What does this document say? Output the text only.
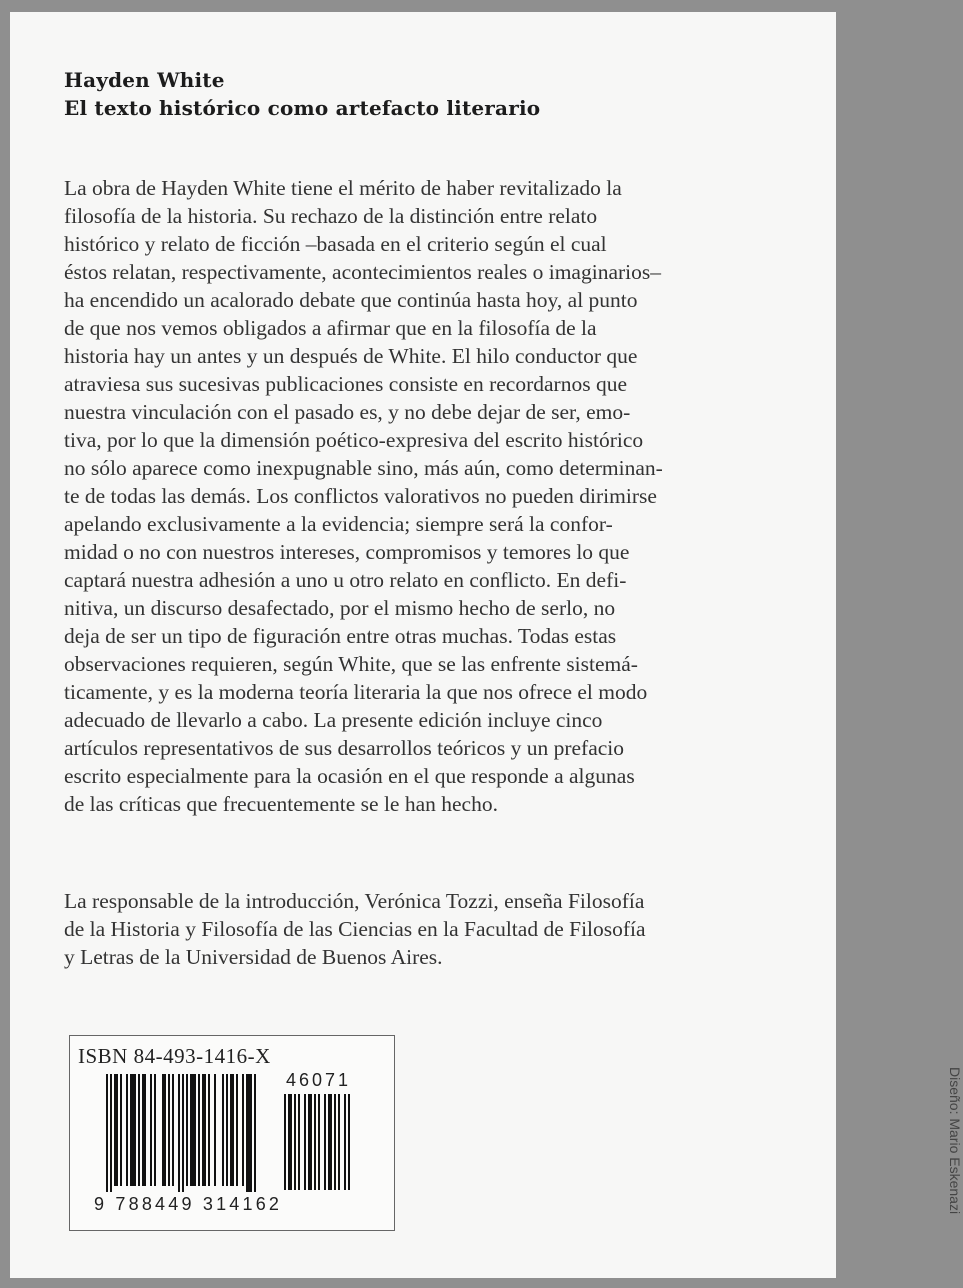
Hayden White
El texto histórico como artefacto literario

La obra de Hayden White tiene el mérito de haber revitalizado la
filosofía de la historia. Su rechazo de la distinción entre relato
histórico y relato de ficción –basada en el criterio según el cual
éstos relatan, respectivamente, acontecimientos reales o imaginarios–
ha encendido un acalorado debate que continúa hasta hoy, al punto
de que nos vemos obligados a afirmar que en la filosofía de la
historia hay un antes y un después de White. El hilo conductor que
atraviesa sus sucesivas publicaciones consiste en recordarnos que
nuestra vinculación con el pasado es, y no debe dejar de ser, emo-
tiva, por lo que la dimensión poético-expresiva del escrito histórico
no sólo aparece como inexpugnable sino, más aún, como determinan-
te de todas las demás. Los conflictos valorativos no pueden dirimirse
apelando exclusivamente a la evidencia; siempre será la confor-
midad o no con nuestros intereses, compromisos y temores lo que
captará nuestra adhesión a uno u otro relato en conflicto. En defi-
nitiva, un discurso desafectado, por el mismo hecho de serlo, no
deja de ser un tipo de figuración entre otras muchas. Todas estas
observaciones requieren, según White, que se las enfrente sistemá-
ticamente, y es la moderna teoría literaria la que nos ofrece el modo
adecuado de llevarlo a cabo. La presente edición incluye cinco
artículos representativos de sus desarrollos teóricos y un prefacio
escrito especialmente para la ocasión en el que responde a algunas
de las críticas que frecuentemente se le han hecho.

La responsable de la introducción, Verónica Tozzi, enseña Filosofía
de la Historia y Filosofía de las Ciencias en la Facultad de Filosofía
y Letras de la Universidad de Buenos Aires.

ISBN 84-493-1416-X
46071
9 788449 314162	Diseño: Mario Eskenazi
